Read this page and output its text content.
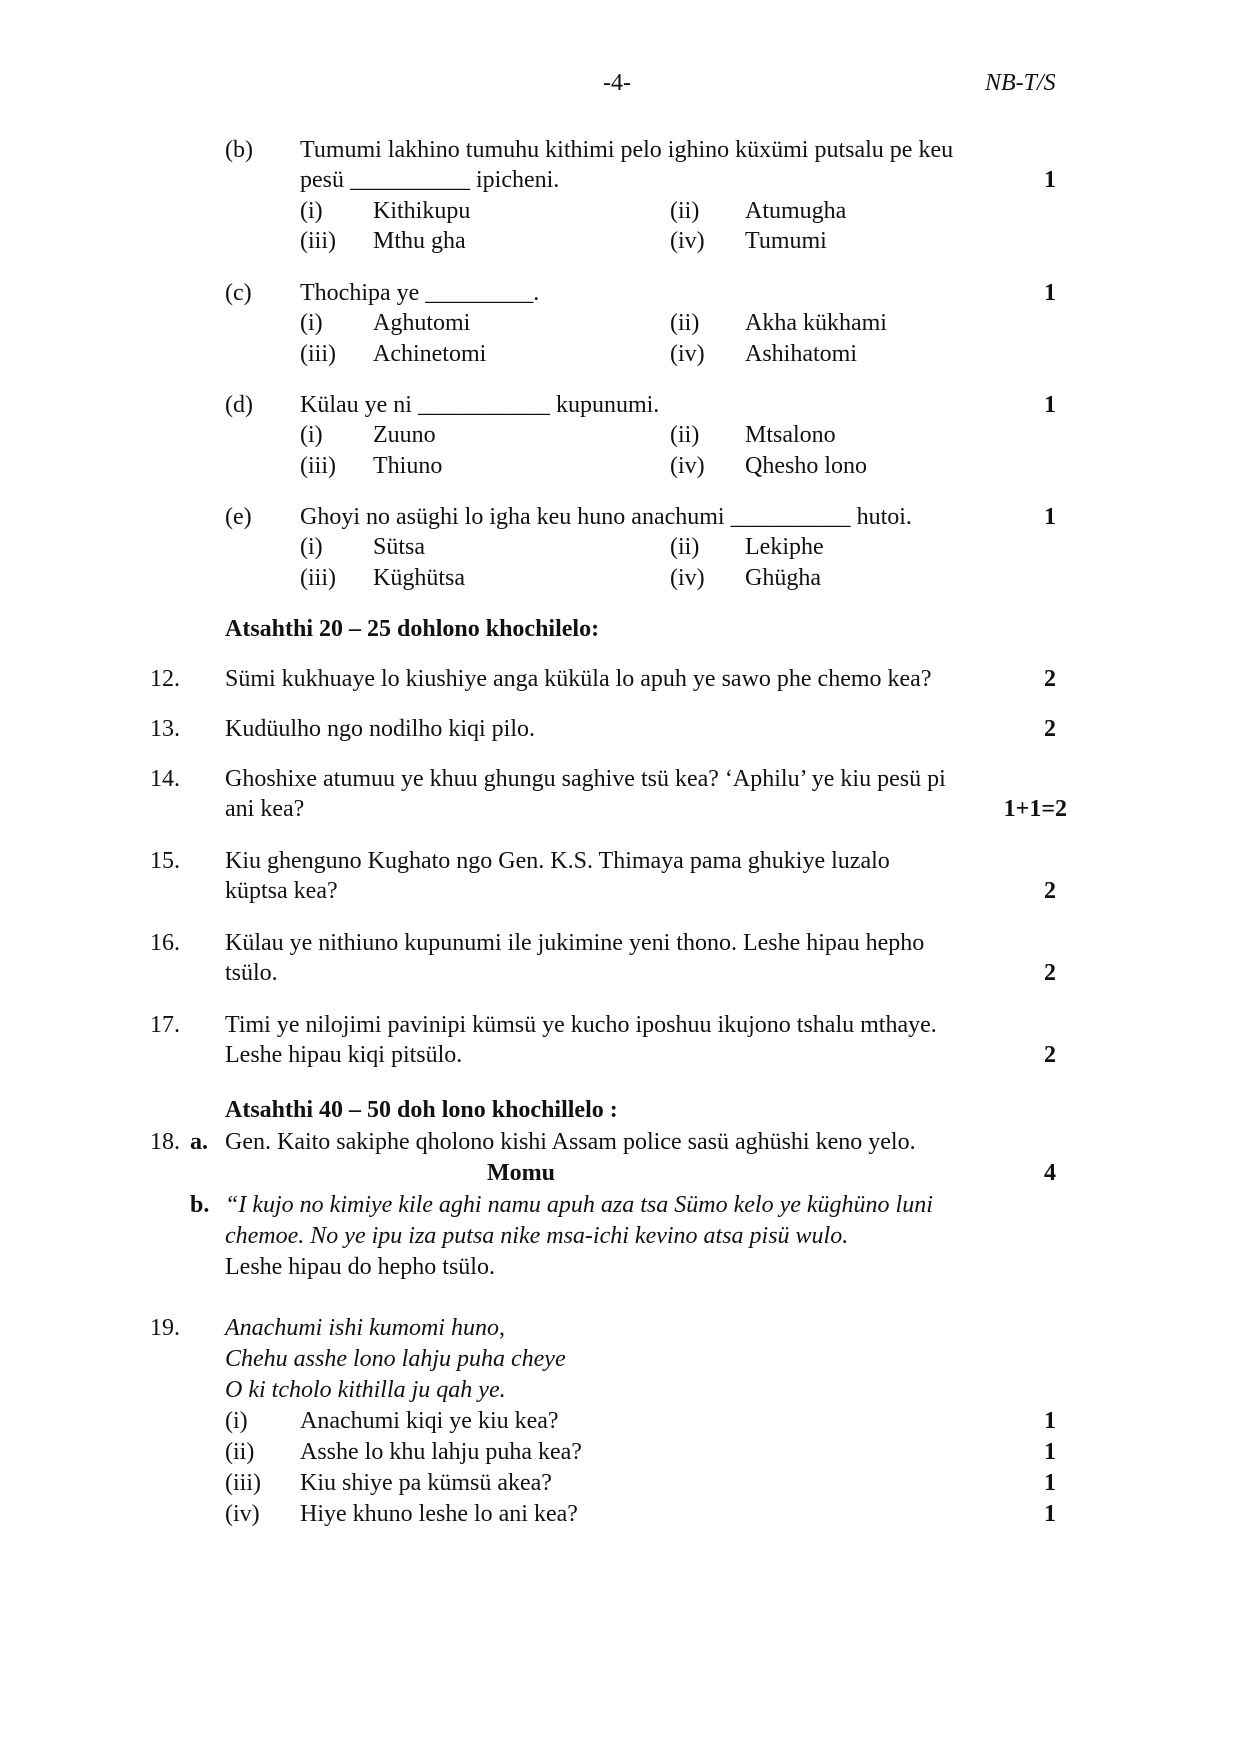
-4-	NB-T/S
(b) Tumumi lakhino tumuhu kithimi pelo ighino küxümi putsalu pe keu
pesü __________ ipicheni.	1
(i) Kithikupu	(ii) Atumugha
(iii) Mthu gha	(iv) Tumumi
(c) Thochipa ye _________.	1
(i) Aghutomi	(ii) Akha kükhami
(iii) Achinetomi	(iv) Ashihatomi
(d) Külau ye ni ___________ kupunumi.	1
(i) Zuuno	(ii) Mtsalono
(iii) Thiuno	(iv) Qhesho lono
(e) Ghoyi no asüghi lo igha keu huno anachumi __________ hutoi.	1
(i) Sütsa	(ii) Lekiphe
(iii) Küghütsa	(iv) Ghügha
Atsahthi 20 – 25 dohlono khochilelo:
12. Sümi kukhuaye lo kiushiye anga küküla lo apuh ye sawo phe chemo kea?	2
13. Kudüulho ngo nodilho kiqi pilo.	2
14. Ghoshixe atumuu ye khuu ghungu saghive tsü kea? ‘Aphilu’ ye kiu pesü pi
ani kea?	1+1=2
15. Kiu ghenguno Kughato ngo Gen. K.S. Thimaya pama ghukiye luzalo
küptsa kea?	2
16. Külau ye nithiuno kupunumi ile jukimine yeni thono. Leshe hipau hepho
tsülo.	2
17. Timi ye nilojimi pavinipi kümsü ye kucho iposhuu ikujono tshalu mthaye.
Leshe hipau kiqi pitsülo.	2
Atsahthi 40 – 50 doh lono khochillelo :
18. a. Gen. Kaito sakiphe qholono kishi Assam police sasü aghüshi keno yelo.
Momu	4
b. “I kujo no kimiye kile aghi namu apuh aza tsa Sümo kelo ye küghüno luni
chemoe. No ye ipu iza putsa nike msa-ichi kevino atsa pisü wulo.
Leshe hipau do hepho tsülo.
19. Anachumi ishi kumomi huno,
Chehu asshe lono lahju puha cheye
O ki tcholo kithilla ju qah ye.
(i) Anachumi kiqi ye kiu kea?	1
(ii) Asshe lo khu lahju puha kea?	1
(iii) Kiu shiye pa kümsü akea?	1
(iv) Hiye khuno leshe lo ani kea?	1
